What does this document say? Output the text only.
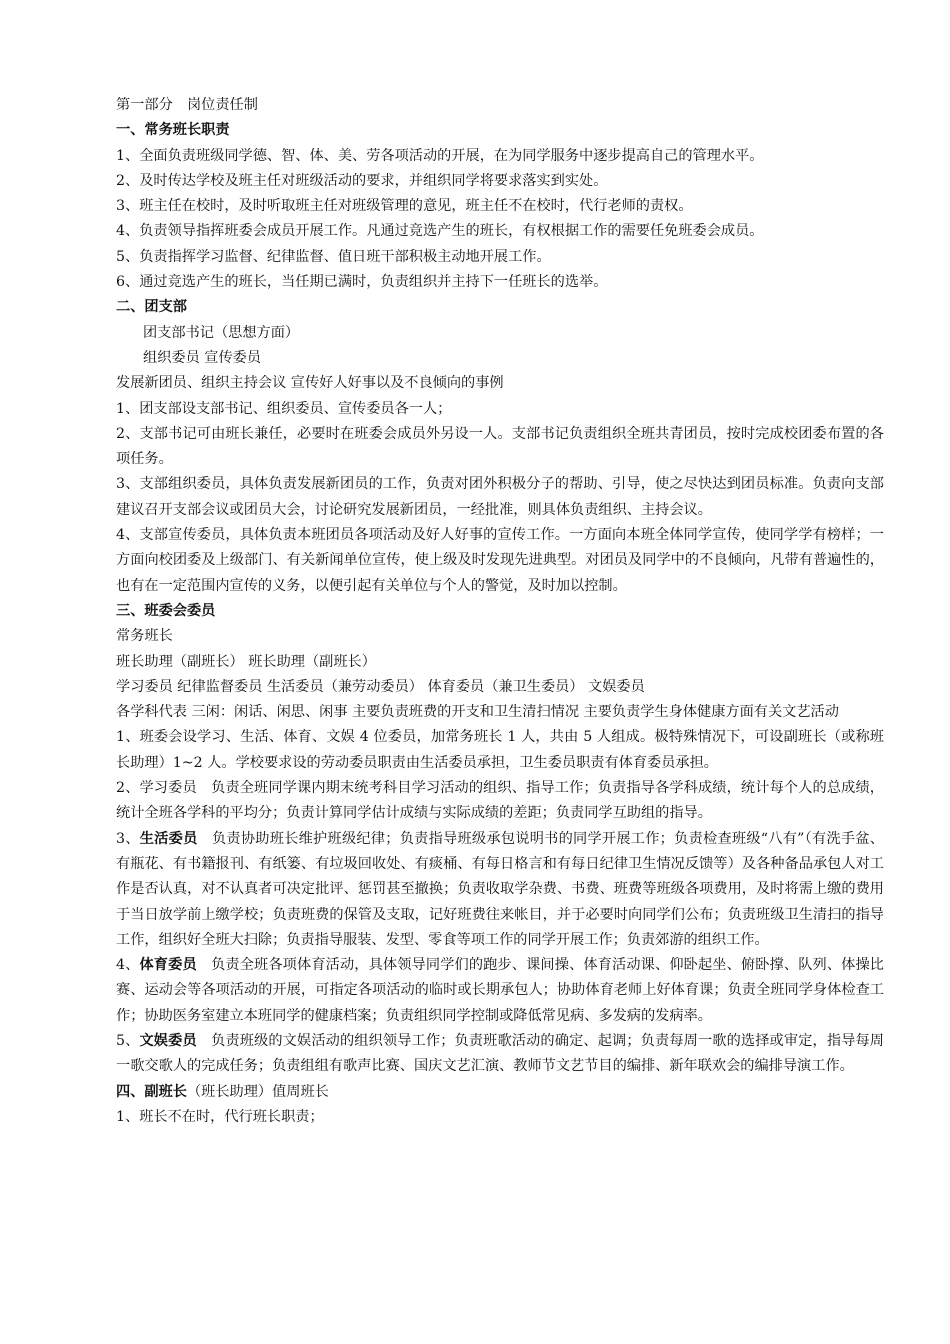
第一部分　岗位责任制
一、常务班长职责
1、全面负责班级同学德、智、体、美、劳各项活动的开展，在为同学服务中逐步提高自己的管理水平。
2、及时传达学校及班主任对班级活动的要求，并组织同学将要求落实到实处。
3、班主任在校时，及时听取班主任对班级管理的意见，班主任不在校时，代行老师的责权。
4、负责领导指挥班委会成员开展工作。凡通过竞选产生的班长，有权根据工作的需要任免班委会成员。
5、负责指挥学习监督、纪律监督、值日班干部积极主动地开展工作。
6、通过竞选产生的班长，当任期已满时，负责组织并主持下一任班长的选举。
二、团支部
团支部书记（思想方面）
组织委员 宣传委员
发展新团员、组织主持会议 宣传好人好事以及不良倾向的事例
1、团支部设支部书记、组织委员、宣传委员各一人；
2、支部书记可由班长兼任，必要时在班委会成员外另设一人。支部书记负责组织全班共青团员，按时完成校团委布置的各项任务。
3、支部组织委员，具体负责发展新团员的工作，负责对团外积极分子的帮助、引导，使之尽快达到团员标准。负责向支部建议召开支部会议或团员大会，讨论研究发展新团员，一经批准，则具体负责组织、主持会议。
4、支部宣传委员，具体负责本班团员各项活动及好人好事的宣传工作。一方面向本班全体同学宣传，使同学学有榜样；一方面向校团委及上级部门、有关新闻单位宣传，使上级及时发现先进典型。对团员及同学中的不良倾向，凡带有普遍性的，也有在一定范围内宣传的义务，以便引起有关单位与个人的警觉，及时加以控制。
三、班委会委员
常务班长
班长助理（副班长） 班长助理（副班长）
学习委员 纪律监督委员 生活委员（兼劳动委员） 体育委员（兼卫生委员） 文娱委员
各学科代表 三闲：闲话、闲思、闲事 主要负责班费的开支和卫生清扫情况 主要负责学生身体健康方面有关文艺活动
1、班委会设学习、生活、体育、文娱 4 位委员，加常务班长 1 人，共由 5 人组成。极特殊情况下，可设副班长（或称班长助理）1~2 人。学校要求设的劳动委员职责由生活委员承担，卫生委员职责有体育委员承担。
2、学习委员　负责全班同学课内期末统考科目学习活动的组织、指导工作；负责指导各学科成绩，统计每个人的总成绩，统计全班各学科的平均分；负责计算同学估计成绩与实际成绩的差距；负责同学互助组的指导。
3、生活委员　负责协助班长维护班级纪律；负责指导班级承包说明书的同学开展工作；负责检查班级“八有”（有洗手盆、有瓶花、有书籍报刊、有纸篓、有垃圾回收处、有痰桶、有每日格言和有每日纪律卫生情况反馈等）及各种备品承包人对工作是否认真，对不认真者可决定批评、惩罚甚至撤换；负责收取学杂费、书费、班费等班级各项费用，及时将需上缴的费用于当日放学前上缴学校；负责班费的保管及支取，记好班费往来帐目，并于必要时向同学们公布；负责班级卫生清扫的指导工作，组织好全班大扫除；负责指导服装、发型、零食等项工作的同学开展工作；负责郊游的组织工作。
4、体育委员　负责全班各项体育活动，具体领导同学们的跑步、课间操、体育活动课、仰卧起坐、俯卧撑、队列、体操比赛、运动会等各项活动的开展，可指定各项活动的临时或长期承包人；协助体育老师上好体育课；负责全班同学身体检查工作；协助医务室建立本班同学的健康档案；负责组织同学控制或降低常见病、多发病的发病率。
5、文娱委员　负责班级的文娱活动的组织领导工作；负责班歌活动的确定、起调；负责每周一歌的选择或审定，指导每周一歌交歌人的完成任务；负责组组有歌声比赛、国庆文艺汇演、教师节文艺节目的编排、新年联欢会的编排导演工作。
四、副班长（班长助理）值周班长
1、班长不在时，代行班长职责；
